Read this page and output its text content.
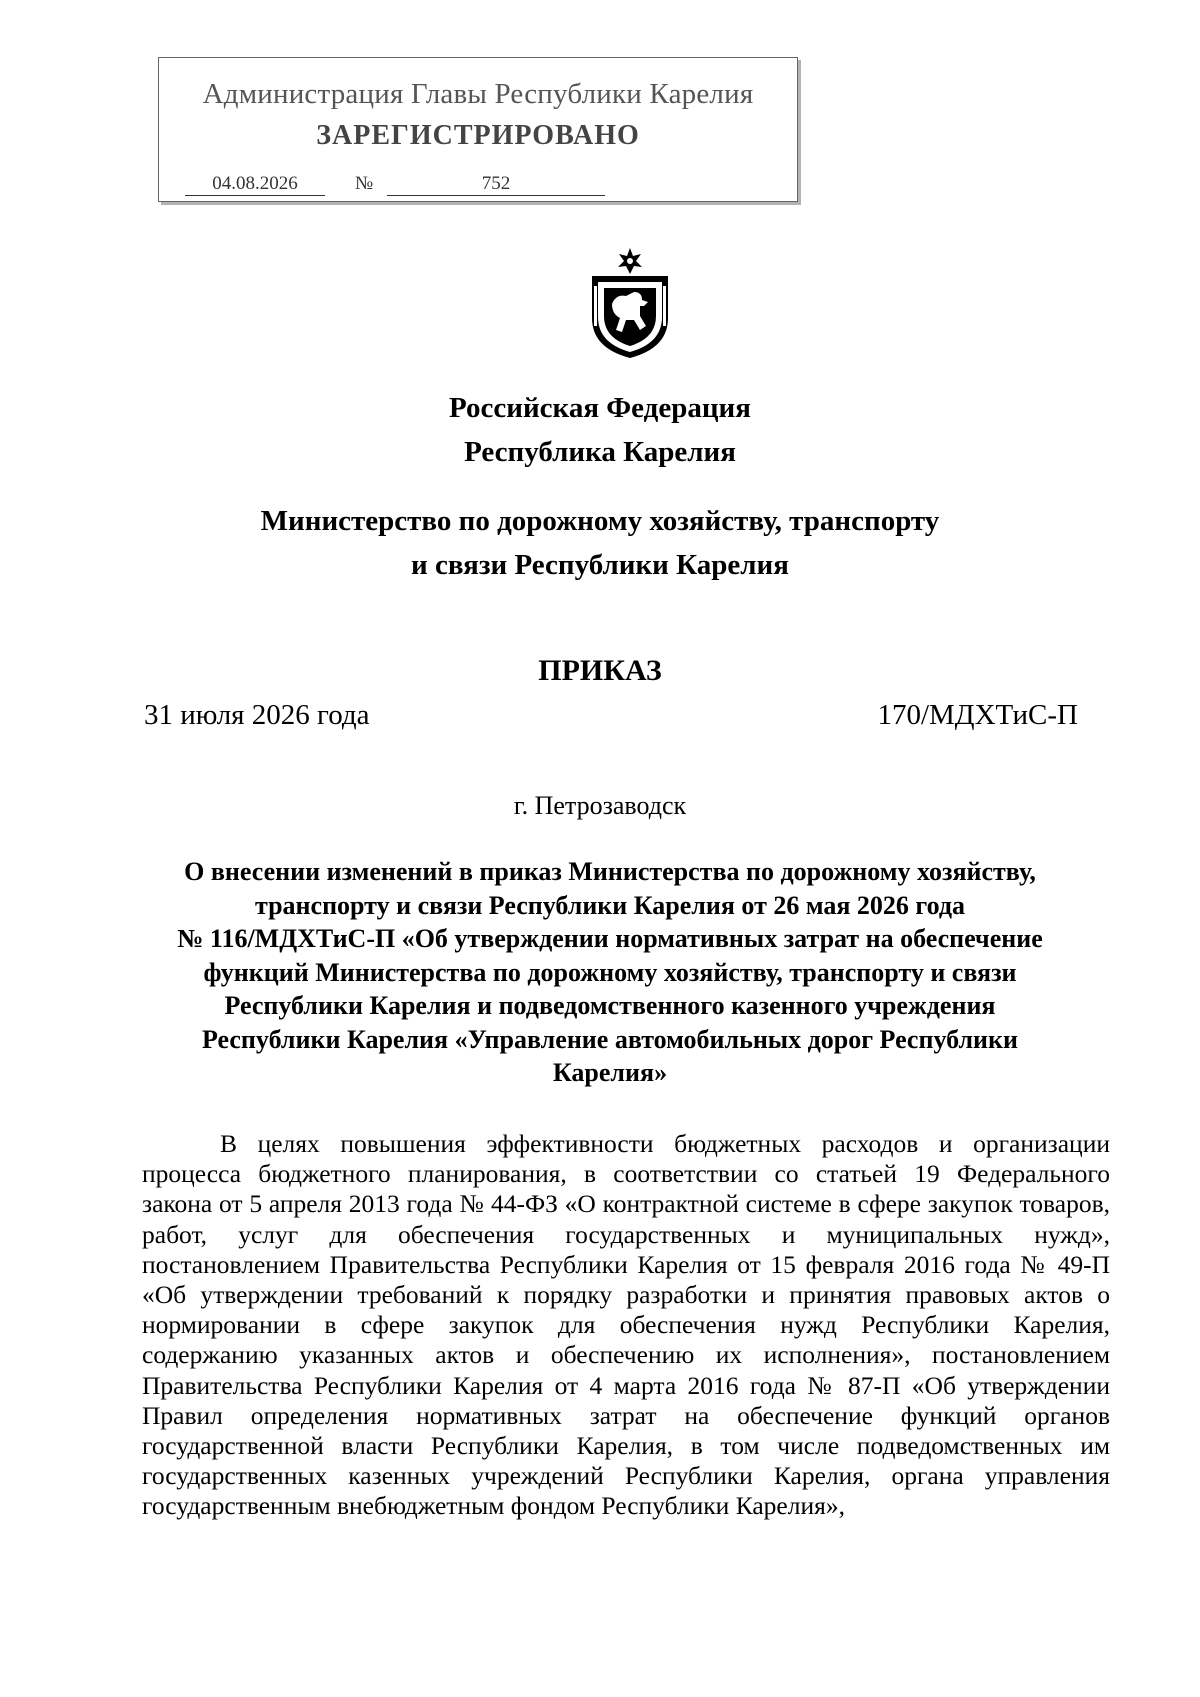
Администрация Главы Республики Карелия
ЗАРЕГИСТРИРОВАНО
04.08.2026	№	752
Российская Федерация
Республика Карелия
Министерство по дорожному хозяйству, транспорту
и связи Республики Карелия
ПРИКАЗ
31 июля 2026 года	170/МДХТиС-П
г. Петрозаводск
О внесении изменений в приказ Министерства по дорожному хозяйству,
транспорту и связи Республики Карелия от 26 мая 2026 года
№ 116/МДХТиС-П «Об утверждении нормативных затрат на обеспечение
функций Министерства по дорожному хозяйству, транспорту и связи
Республики Карелия и подведомственного казенного учреждения
Республики Карелия «Управление автомобильных дорог Республики
Карелия»
В целях повышения эффективности бюджетных расходов и организации
процесса бюджетного планирования, в соответствии со статьей 19 Федерального
закона от 5 апреля 2013 года № 44-ФЗ «О контрактной системе в сфере закупок товаров,
работ, услуг для обеспечения государственных и муниципальных нужд»,
постановлением Правительства Республики Карелия от 15 февраля 2016 года № 49-П
«Об утверждении требований к порядку разработки и принятия правовых актов о
нормировании в сфере закупок для обеспечения нужд Республики Карелия,
содержанию указанных актов и обеспечению их исполнения», постановлением
Правительства Республики Карелия от 4 марта 2016 года № 87-П «Об утверждении
Правил определения нормативных затрат на обеспечение функций органов
государственной власти Республики Карелия, в том числе подведомственных им
государственных казенных учреждений Республики Карелия, органа управления
государственным внебюджетным фондом Республики Карелия»,
